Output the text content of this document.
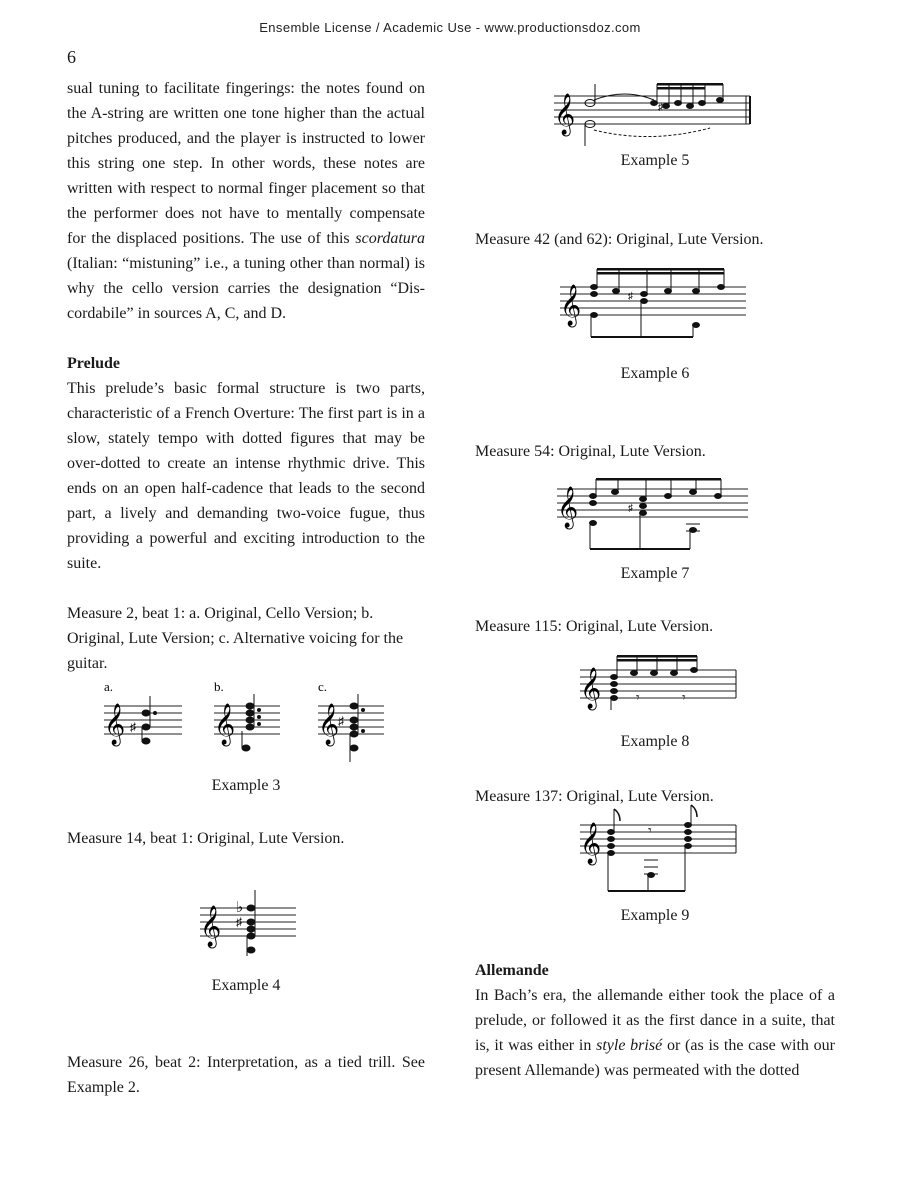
Ensemble License / Academic Use - www.productionsdoz.com
6

sual tuning to facilitate fingerings: the notes found on the A-string are written one tone higher than the actual pitches produced, and the player is instructed to lower this string one step. In other words, these notes are written with respect to normal finger placement so that the performer does not have to mentally compensate for the displaced positions. The use of this scordatura (Italian: “mistuning” i.e., a tuning other than normal) is why the cello version carries the designation “Dis-cordabile” in sources A, C, and D.

Prelude

This prelude’s basic formal structure is two parts, characteristic of a French Overture: The first part is in a slow, stately tempo with dotted figures that may be over-dotted to create an intense rhythmic drive. This ends on an open half-cadence that leads to the second part, a lively and demanding two-voice fugue, thus providing a powerful and exciting introduction to the suite.

Measure 2, beat 1: a. Original, Cello Version; b. Original, Lute Version; c. Alternative voicing for the guitar.

a.	b.	c.
𝄞 ♯ 𝄞 𝄞
♯
Example 3
Measure 14, beat 1: Original, Lute Version.
𝄞 ♭
♯
Example 4
Measure 26, beat 2: Interpretation, as a tied trill. See Example 2.
𝄞	♯
Example 5
Measure 42 (and 62): Original, Lute Version.
𝄞	♯
Example 6
Measure 54: Original, Lute Version.
𝄞	♯
Example 7
Measure 115: Original, Lute Version.
𝄞 𝄾	𝄾
Example 8
Measure 137: Original, Lute Version.
𝄞	𝄾
Example 9

Allemande

In Bach’s era, the allemande either took the place of a prelude, or followed it as the first dance in a suite, that is, it was either in style brisé or (as is the case with our present Allemande) was permeated with the dotted
